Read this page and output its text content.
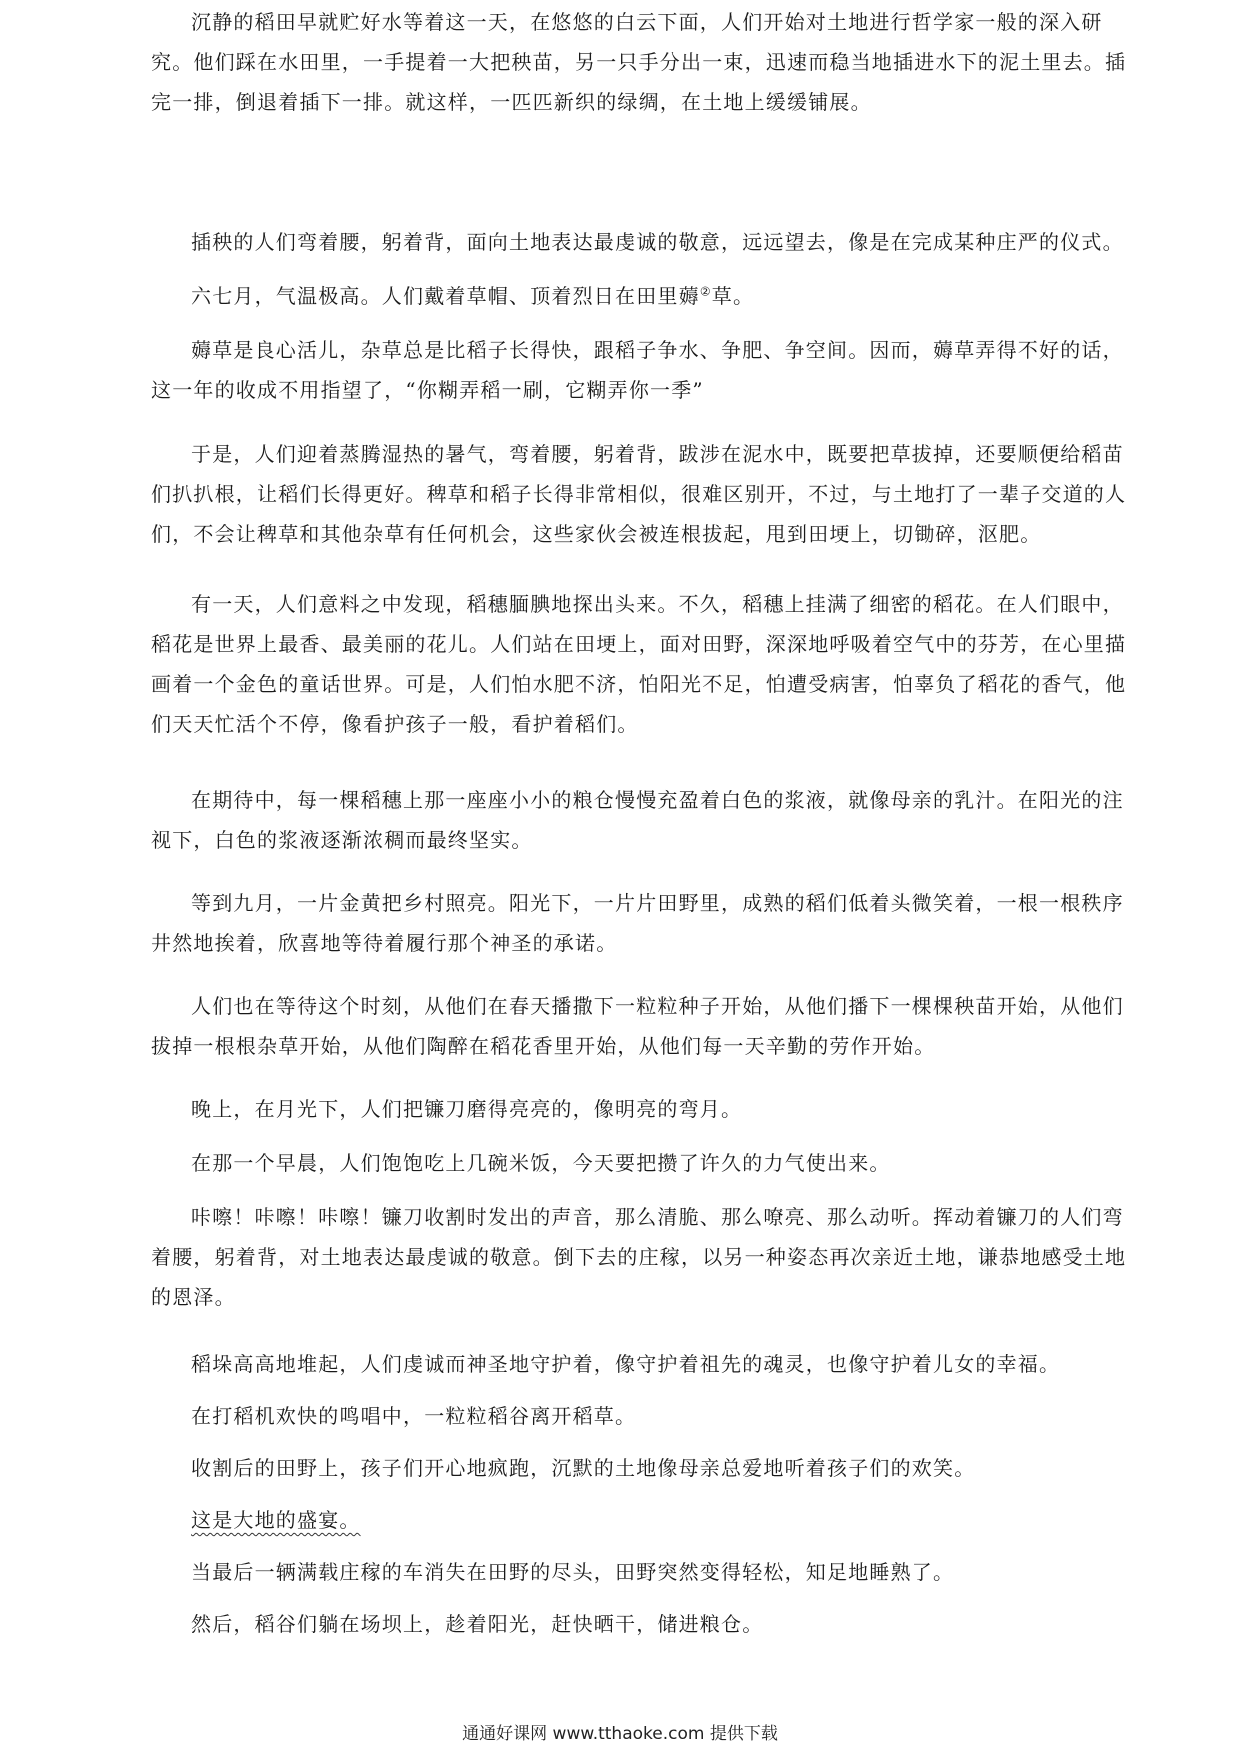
沉静的稻田早就贮好水等着这一天，在悠悠的白云下面，人们开始对土地进行哲学家一般的深入研究。他们踩在水田里，一手提着一大把秧苗，另一只手分出一束，迅速而稳当地插进水下的泥土里去。插完一排，倒退着插下一排。就这样，一匹匹新织的绿绸，在土地上缓缓铺展。

插秧的人们弯着腰，躬着背，面向土地表达最虔诚的敬意，远远望去，像是在完成某种庄严的仪式。

六七月，气温极高。人们戴着草帽、顶着烈日在田里薅②草。

薅草是良心活儿，杂草总是比稻子长得快，跟稻子争水、争肥、争空间。因而，薅草弄得不好的话，这一年的收成不用指望了，“你糊弄稻一刷，它糊弄你一季”

于是，人们迎着蒸腾湿热的暑气，弯着腰，躬着背，跋涉在泥水中，既要把草拔掉，还要顺便给稻苗们扒扒根，让稻们长得更好。稗草和稻子长得非常相似，很难区别开，不过，与土地打了一辈子交道的人们，不会让稗草和其他杂草有任何机会，这些家伙会被连根拔起，甩到田埂上，切锄碎，沤肥。

有一天，人们意料之中发现，稻穗腼腆地探出头来。不久，稻穗上挂满了细密的稻花。在人们眼中，稻花是世界上最香、最美丽的花儿。人们站在田埂上，面对田野，深深地呼吸着空气中的芬芳，在心里描画着一个金色的童话世界。可是，人们怕水肥不济，怕阳光不足，怕遭受病害，怕辜负了稻花的香气，他们天天忙活个不停，像看护孩子一般，看护着稻们。

在期待中，每一棵稻穗上那一座座小小的粮仓慢慢充盈着白色的浆液，就像母亲的乳汁。在阳光的注视下，白色的浆液逐渐浓稠而最终坚实。

等到九月，一片金黄把乡村照亮。阳光下，一片片田野里，成熟的稻们低着头微笑着，一根一根秩序井然地挨着，欣喜地等待着履行那个神圣的承诺。

人们也在等待这个时刻，从他们在春天播撒下一粒粒种子开始，从他们播下一棵棵秧苗开始，从他们拔掉一根根杂草开始，从他们陶醉在稻花香里开始，从他们每一天辛勤的劳作开始。

晚上，在月光下，人们把镰刀磨得亮亮的，像明亮的弯月。

在那一个早晨，人们饱饱吃上几碗米饭，今天要把攒了许久的力气使出来。

咔嚓！咔嚓！咔嚓！镰刀收割时发出的声音，那么清脆、那么嘹亮、那么动听。挥动着镰刀的人们弯着腰，躬着背，对土地表达最虔诚的敬意。倒下去的庄稼，以另一种姿态再次亲近土地，谦恭地感受土地的恩泽。

稻垛高高地堆起，人们虔诚而神圣地守护着，像守护着祖先的魂灵，也像守护着儿女的幸福。

在打稻机欢快的鸣唱中，一粒粒稻谷离开稻草。

收割后的田野上，孩子们开心地疯跑，沉默的土地像母亲总爱地听着孩子们的欢笑。

这是大地的盛宴。

当最后一辆满载庄稼的车消失在田野的尽头，田野突然变得轻松，知足地睡熟了。

然后，稻谷们躺在场坝上，趁着阳光，赶快晒干，储进粮仓。

通通好课网 www.tthaoke.com 提供下载
